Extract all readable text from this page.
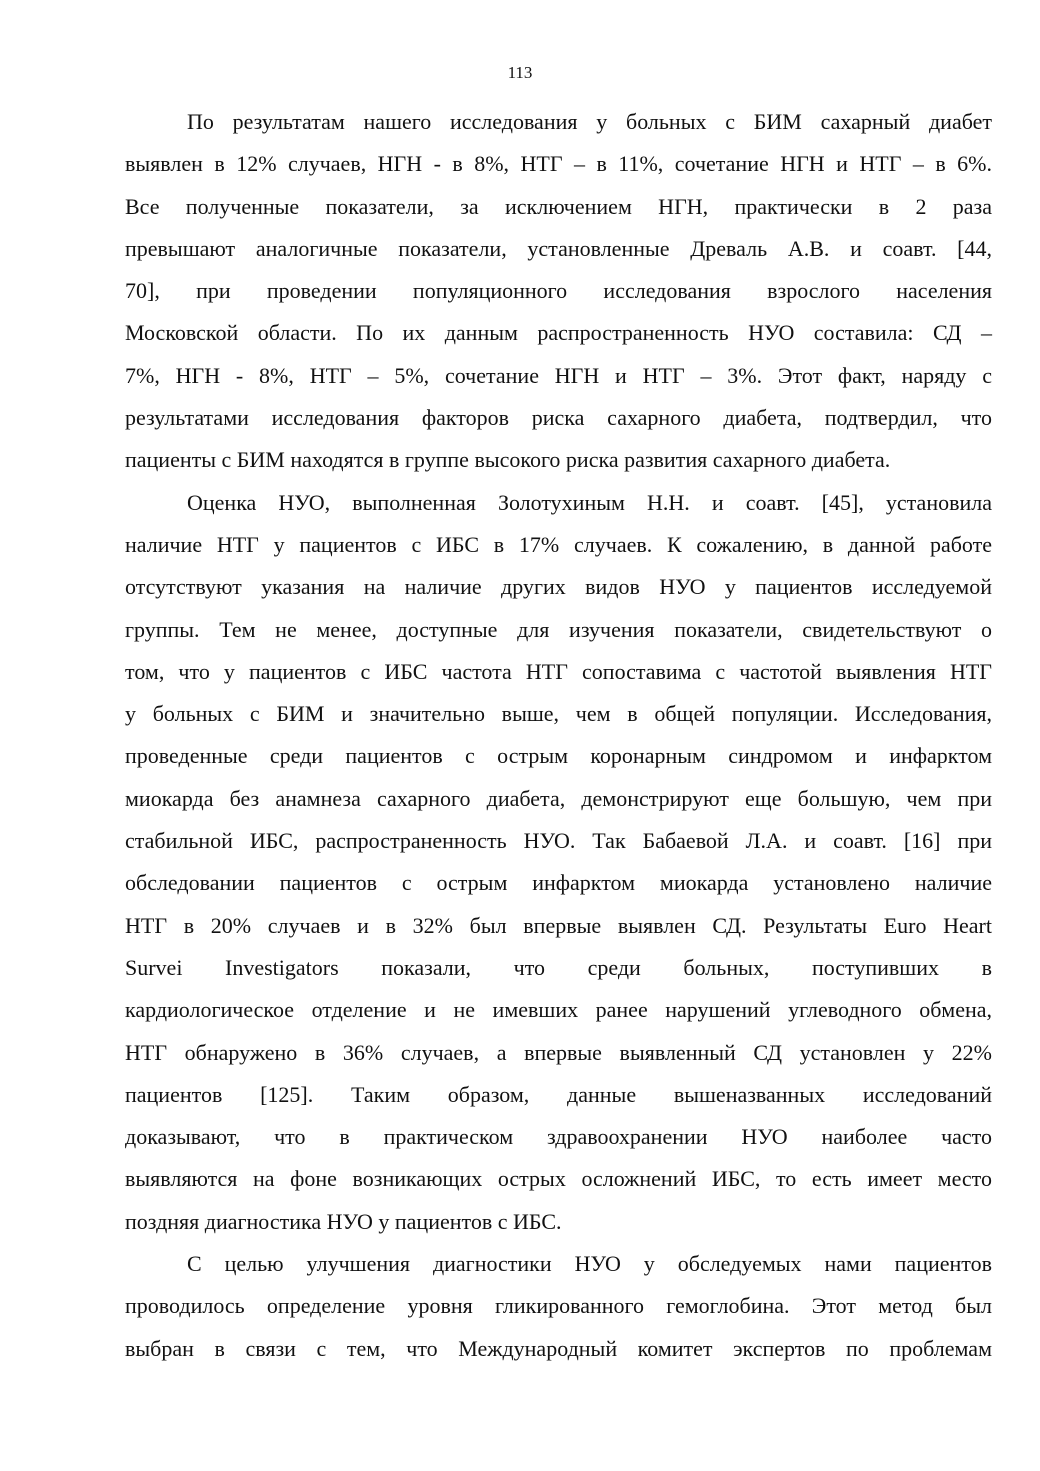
113

По результатам нашего исследования у больных с БИМ сахарный диабет
выявлен в 12% случаев, НГН - в 8%, НТГ – в 11%, сочетание НГН и НТГ – в 6%.
Все полученные показатели, за исключением НГН, практически в 2 раза
превышают аналогичные показатели, установленные Древаль А.В. и соавт. [44,
70], при проведении популяционного исследования взрослого населения
Московской области. По их данным распространенность НУО составила: СД –
7%, НГН - 8%, НТГ – 5%, сочетание НГН и НТГ – 3%. Этот факт, наряду с
результатами исследования факторов риска сахарного диабета, подтвердил, что
пациенты с БИМ находятся в группе высокого риска развития сахарного диабета.

Оценка НУО, выполненная Золотухиным Н.Н. и соавт. [45], установила
наличие НТГ у пациентов с ИБС в 17% случаев. К сожалению, в данной работе
отсутствуют указания на наличие других видов НУО у пациентов исследуемой
группы. Тем не менее, доступные для изучения показатели, свидетельствуют о
том, что у пациентов с ИБС частота НТГ сопоставима с частотой выявления НТГ
у больных с БИМ и значительно выше, чем в общей популяции. Исследования,
проведенные среди пациентов с острым коронарным синдромом и инфарктом
миокарда без анамнеза сахарного диабета, демонстрируют еще большую, чем при
стабильной ИБС, распространенность НУО. Так Бабаевой Л.А. и соавт. [16] при
обследовании пациентов с острым инфарктом миокарда установлено наличие
НТГ в 20% случаев и в 32% был впервые выявлен СД. Результаты Euro Heart
Survei Investigators показали, что среди больных, поступивших в
кардиологическое отделение и не имевших ранее нарушений углеводного обмена,
НТГ обнаружено в 36% случаев, а впервые выявленный СД установлен у 22%
пациентов [125]. Таким образом, данные вышеназванных исследований
доказывают, что в практическом здравоохранении НУО наиболее часто
выявляются на фоне возникающих острых осложнений ИБС, то есть имеет место
поздняя диагностика НУО у пациентов с ИБС.

С целью улучшения диагностики НУО у обследуемых нами пациентов
проводилось определение уровня гликированного гемоглобина. Этот метод был
выбран в связи с тем, что Международный комитет экспертов по проблемам
